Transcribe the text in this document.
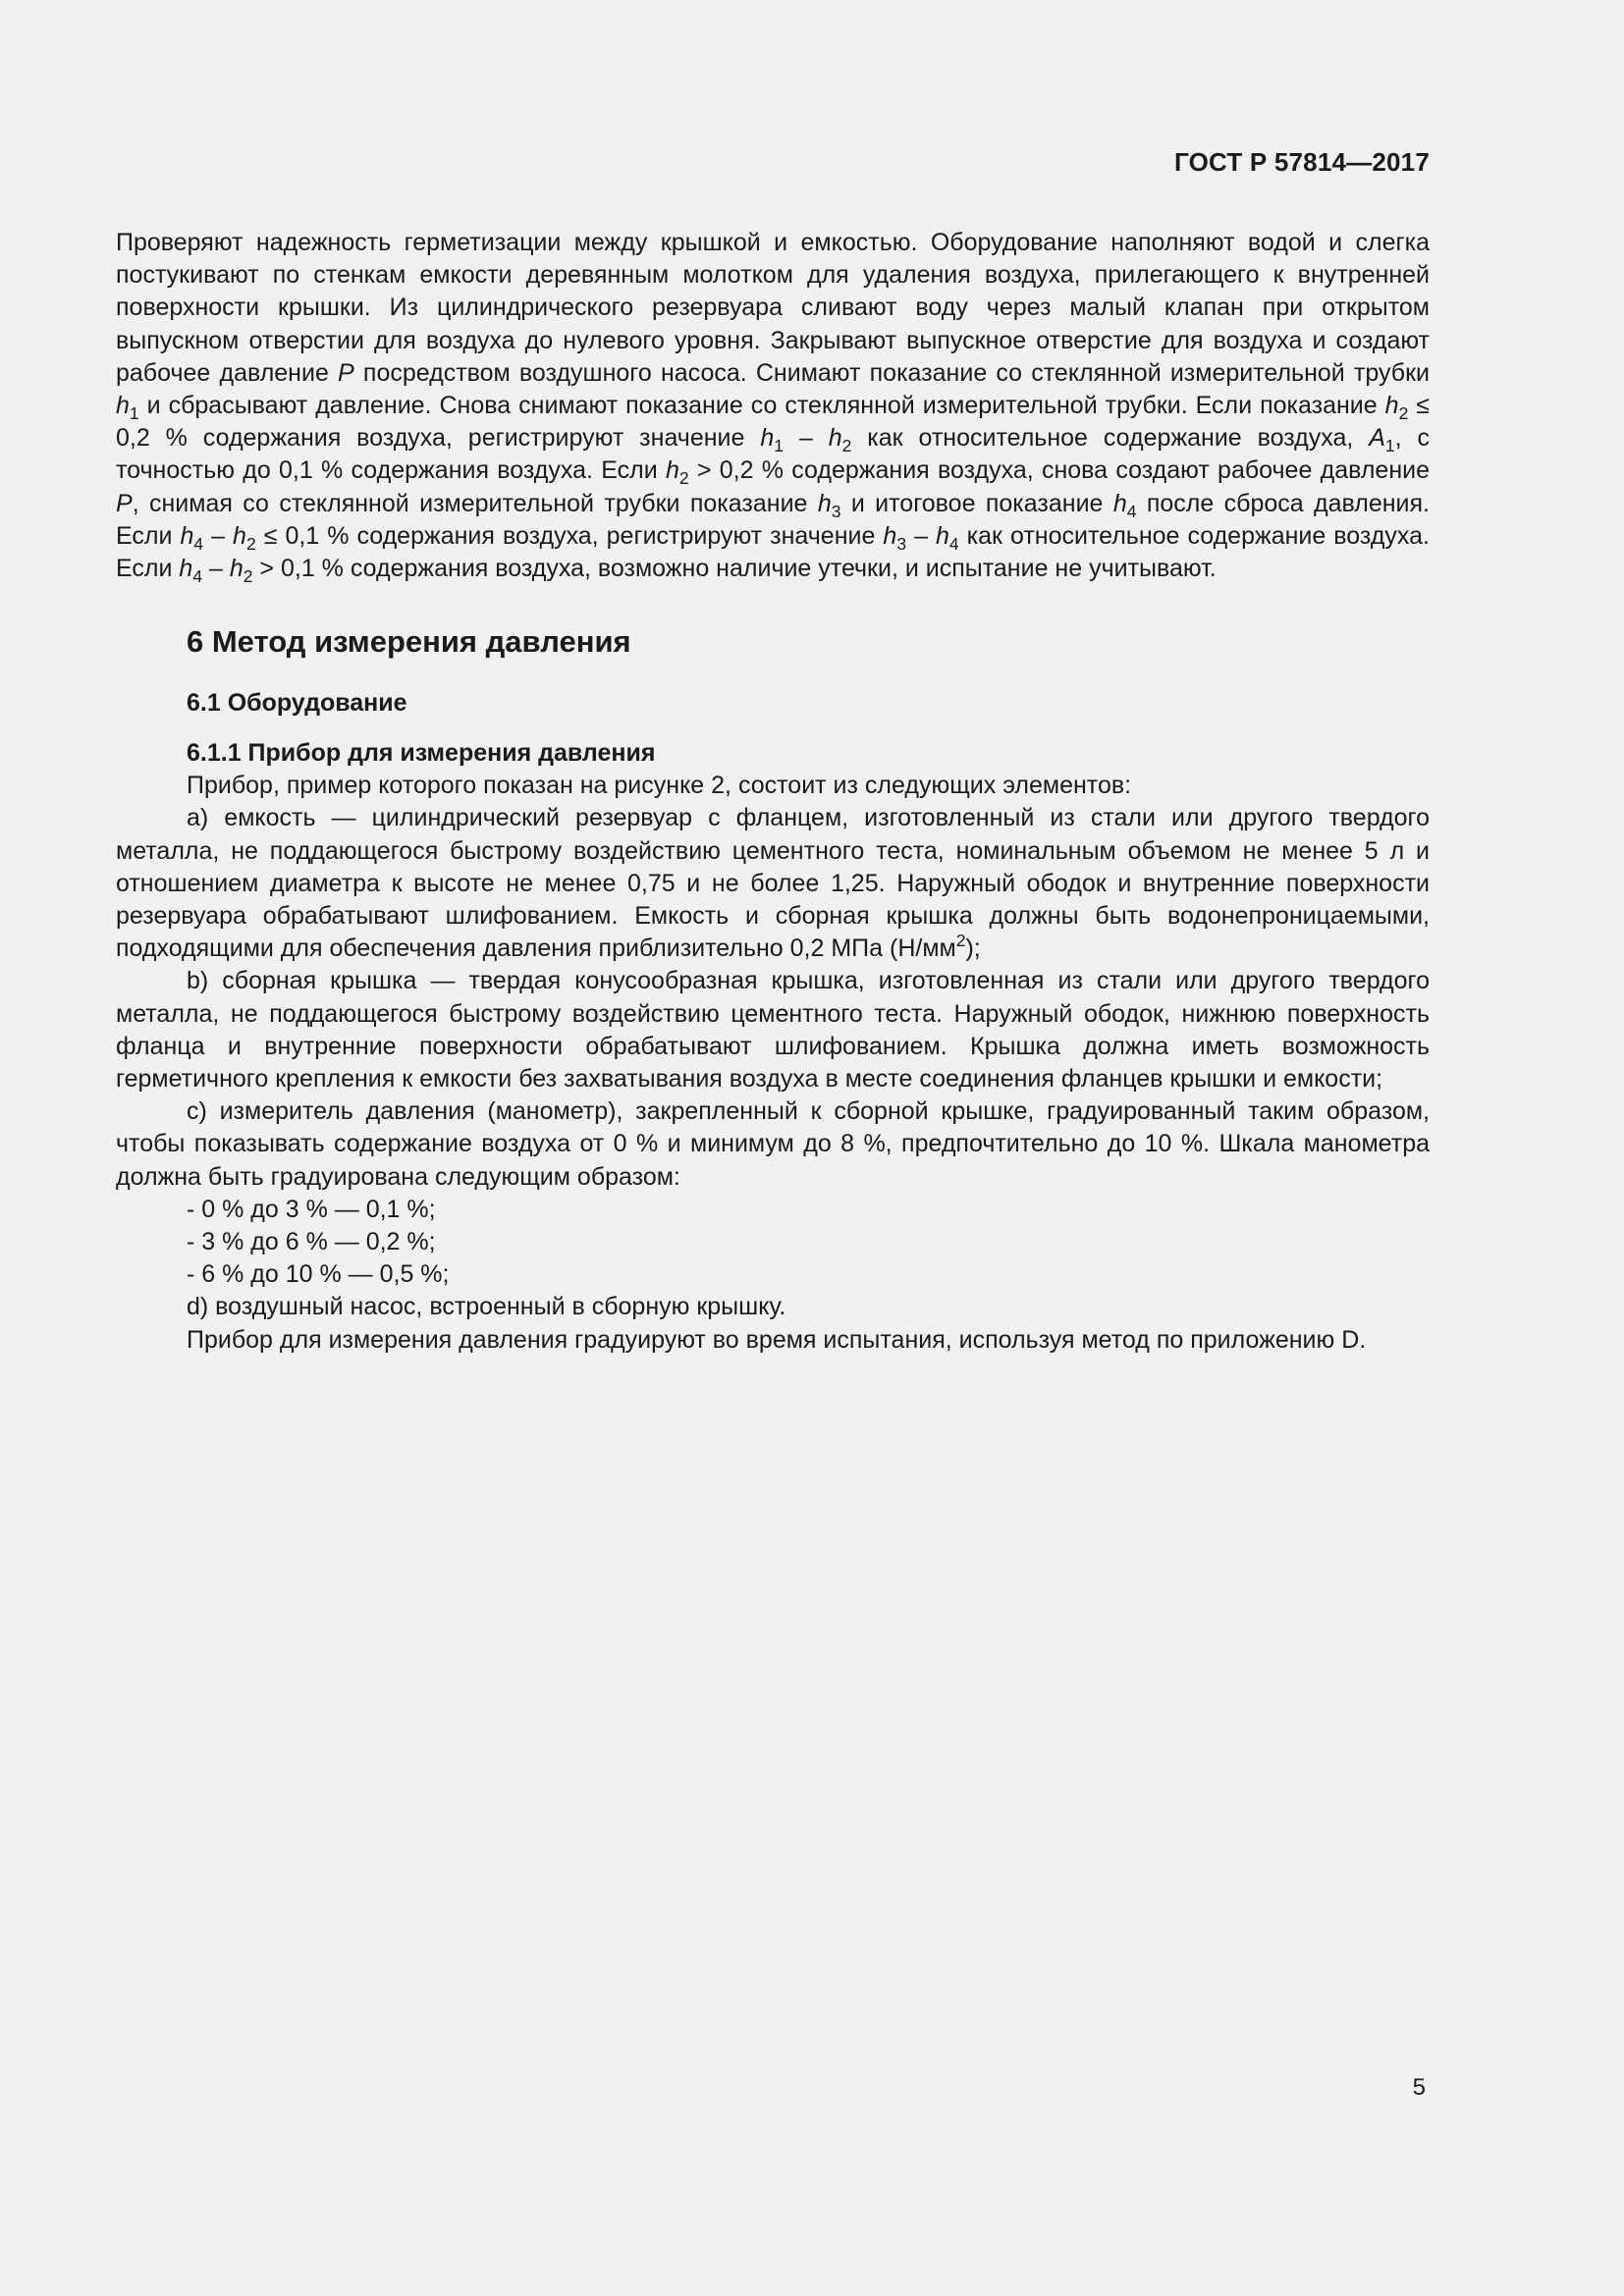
ГОСТ Р 57814—2017

Проверяют надежность герметизации между крышкой и емкостью. Оборудование наполняют водой и слегка постукивают по стенкам емкости деревянным молотком для удаления воздуха, прилегающего к внутренней поверхности крышки. Из цилиндрического резервуара сливают воду через малый клапан при открытом выпускном отверстии для воздуха до нулевого уровня. Закрывают выпускное отверстие для воздуха и создают рабочее давление P посредством воздушного насоса. Снимают показание со стеклянной измерительной трубки $h_1$ и сбрасывают давление. Снова снимают показание со стеклянной измерительной трубки. Если показание $h_2 \le 0,2$ % содержания воздуха, регистрируют значение $h_1 - h_2$ как относительное содержание воздуха, $A_1$, с точностью до 0,1 % содержания воздуха. Если $h_2 > 0,2$ % содержания воздуха, снова создают рабочее давление P, снимая со стеклянной измерительной трубки показание $h_3$ и итоговое показание $h_4$ после сброса давления. Если $h_4 - h_2 \le 0,1$ % содержания воздуха, регистрируют значение $h_3 - h_4$ как относительное содержание воздуха. Если $h_4 - h_2 > 0,1$ % содержания воздуха, возможно наличие утечки, и испытание не учитывают.

6 Метод измерения давления
6.1 Оборудование
6.1.1 Прибор для измерения давления

Прибор, пример которого показан на рисунке 2, состоит из следующих элементов:

а) емкость — цилиндрический резервуар с фланцем, изготовленный из стали или другого твердого металла, не поддающегося быстрому воздействию цементного теста, номинальным объемом не менее 5 л и отношением диаметра к высоте не менее 0,75 и не более 1,25. Наружный ободок и внутренние поверхности резервуара обрабатывают шлифованием. Емкость и сборная крышка должны быть водонепроницаемыми, подходящими для обеспечения давления приблизительно 0,2 МПа $(Н/мм^2)$;

b) сборная крышка — твердая конусообразная крышка, изготовленная из стали или другого твердого металла, не поддающегося быстрому воздействию цементного теста. Наружный ободок, нижнюю поверхность фланца и внутренние поверхности обрабатывают шлифованием. Крышка должна иметь возможность герметичного крепления к емкости без захватывания воздуха в месте соединения фланцев крышки и емкости;

c) измеритель давления (манометр), закрепленный к сборной крышке, градуированный таким образом, чтобы показывать содержание воздуха от 0 % и минимум до 8 %, предпочтительно до 10 %. Шкала манометра должна быть градуирована следующим образом:

- 0 % до 3 % — 0,1 %;
- 3 % до 6 % — 0,2 %;
- 6 % до 10 % — 0,5 %;

d) воздушный насос, встроенный в сборную крышку.

Прибор для измерения давления градуируют во время испытания, используя метод по приложению D.

5
